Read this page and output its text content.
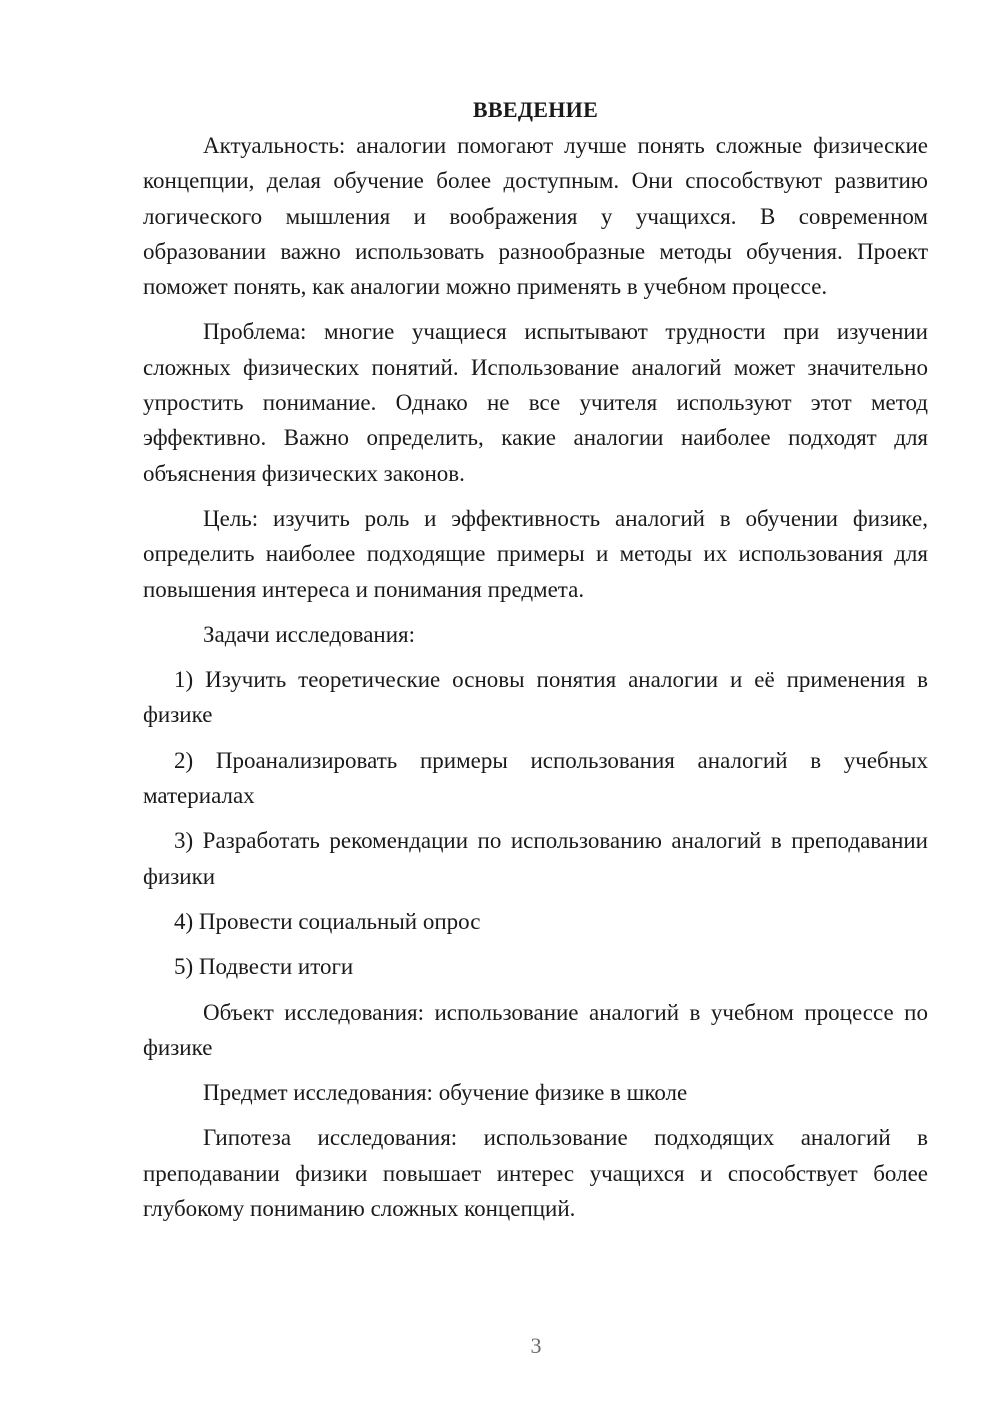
ВВЕДЕНИЕ

Актуальность: аналогии помогают лучше понять сложные физические концепции, делая обучение более доступным. Они способствуют развитию логического мышления и воображения у учащихся. В современном образовании важно использовать разнообразные методы обучения. Проект поможет понять, как аналогии можно применять в учебном процессе.

Проблема: многие учащиеся испытывают трудности при изучении сложных физических понятий. Использование аналогий может значительно упростить понимание. Однако не все учителя используют этот метод эффективно. Важно определить, какие аналогии наиболее подходят для объяснения физических законов.

Цель: изучить роль и эффективность аналогий в обучении физике, определить наиболее подходящие примеры и методы их использования для повышения интереса и понимания предмета.

Задачи исследования:

1) Изучить теоретические основы понятия аналогии и её применения в физике

2) Проанализировать примеры использования аналогий в учебных материалах

3) Разработать рекомендации по использованию аналогий в преподавании физики

4) Провести социальный опрос

5) Подвести итоги

Объект исследования: использование аналогий в учебном процессе по физике

Предмет исследования: обучение физике в школе

Гипотеза исследования: использование подходящих аналогий в преподавании физики повышает интерес учащихся и способствует более глубокому пониманию сложных концепций.

3
